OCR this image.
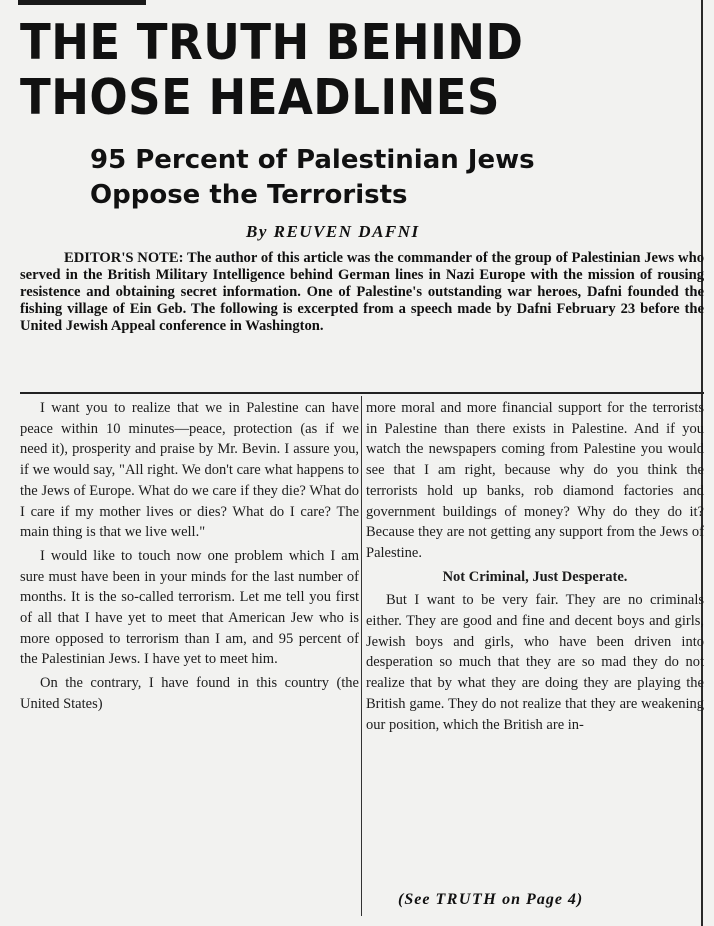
THE TRUTH BEHIND
THOSE HEADLINES
95 Percent of Palestinian Jews
Oppose the Terrorists

By REUVEN DAFNI

EDITOR'S NOTE: The author of this article was the commander of the group of Palestinian Jews who served in the British Military Intelligence behind German lines in Nazi Europe with the mission of rousing resistence and obtaining secret information. One of Palestine's outstanding war heroes, Dafni founded the fishing village of Ein Geb. The following is excerpted from a speech made by Dafni February 23 before the United Jewish Appeal conference in Washington.

I want you to realize that we in Palestine can have peace within 10 minutes—peace, protection (as if we need it), prosperity and praise by Mr. Bevin. I assure you, if we would say, "All right. We don't care what happens to the Jews of Europe. What do we care if they die? What do I care if my mother lives or dies? What do I care? The main thing is that we live well."

I would like to touch now one problem which I am sure must have been in your minds for the last number of months. It is the so-called terrorism. Let me tell you first of all that I have yet to meet that American Jew who is more opposed to terrorism than I am, and 95 percent of the Palestinian Jews. I have yet to meet him.

On the contrary, I have found in this country (the United States)

more moral and more financial support for the terrorists in Palestine than there exists in Palestine. And if you watch the newspapers coming from Palestine you would see that I am right, because why do you think the terrorists hold up banks, rob diamond factories and government buildings of money? Why do they do it? Because they are not getting any support from the Jews of Palestine.

Not Criminal, Just Desperate.

But I want to be very fair. They are no criminals either. They are good and fine and decent boys and girls, Jewish boys and girls, who have been driven into desperation so much that they are so mad they do not realize that by what they are doing they are playing the British game. They do not realize that they are weakening our position, which the British are in-

(See TRUTH on Page 4)
